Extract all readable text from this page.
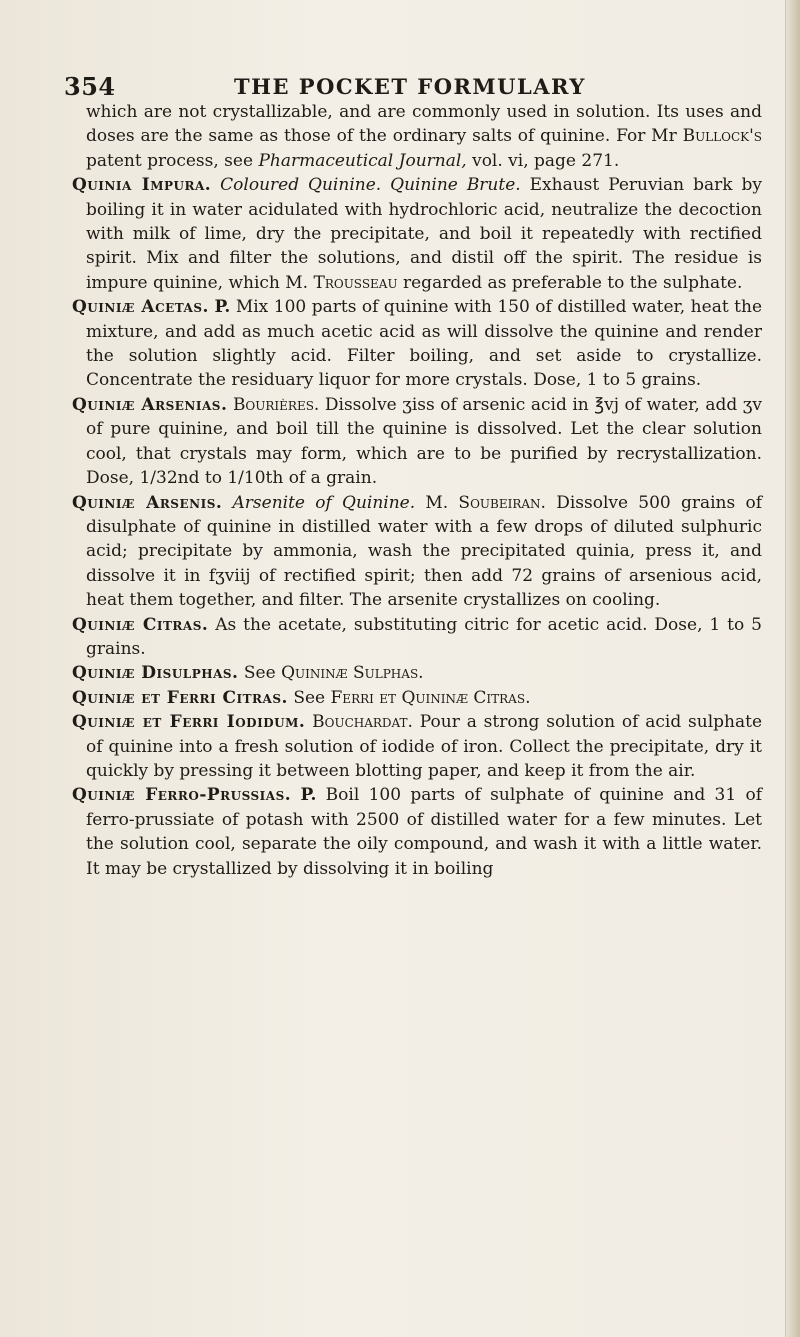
354	THE POCKET FORMULARY

which are not crystallizable, and are commonly used in solution. Its uses and doses are the same as those of the ordinary salts of quinine. For Mr Bullock's patent process, see Pharmaceutical Journal, vol. vi, page 271.

Quinia Impura. Coloured Quinine. Quinine Brute. Exhaust Peruvian bark by boiling it in water acidulated with hydrochloric acid, neutralize the decoction with milk of lime, dry the precipitate, and boil it repeatedly with rectified spirit. Mix and filter the solutions, and distil off the spirit. The residue is impure quinine, which M. Trousseau regarded as preferable to the sulphate.

Quiniæ Acetas. P. Mix 100 parts of quinine with 150 of distilled water, heat the mixture, and add as much acetic acid as will dissolve the quinine and render the solution slightly acid. Filter boiling, and set aside to crystallize. Concentrate the residuary liquor for more crystals. Dose, 1 to 5 grains.

Quiniæ Arsenias. Bourières. Dissolve ʒiss of arsenic acid in ℥vj of water, add ʒv of pure quinine, and boil till the quinine is dissolved. Let the clear solution cool, that crystals may form, which are to be purified by recrystallization. Dose, 1/32nd to 1/10th of a grain.

Quiniæ Arsenis. Arsenite of Quinine. M. Soubeiran. Dissolve 500 grains of disulphate of quinine in distilled water with a few drops of diluted sulphuric acid; precipitate by ammonia, wash the precipitated quinia, press it, and dissolve it in fʒviij of rectified spirit; then add 72 grains of arsenious acid, heat them together, and filter. The arsenite crystallizes on cooling.

Quiniæ Citras. As the acetate, substituting citric for acetic acid. Dose, 1 to 5 grains.

Quiniæ Disulphas. See Quininæ Sulphas.

Quiniæ et Ferri Citras. See Ferri et Quininæ Citras.

Quiniæ et Ferri Iodidum. Bouchardat. Pour a strong solution of acid sulphate of quinine into a fresh solution of iodide of iron. Collect the precipitate, dry it quickly by pressing it between blotting paper, and keep it from the air.

Quiniæ Ferro-Prussias. P. Boil 100 parts of sulphate of quinine and 31 of ferro-prussiate of potash with 2500 of distilled water for a few minutes. Let the solution cool, separate the oily compound, and wash it with a little water. It may be crystallized by dissolving it in boiling
